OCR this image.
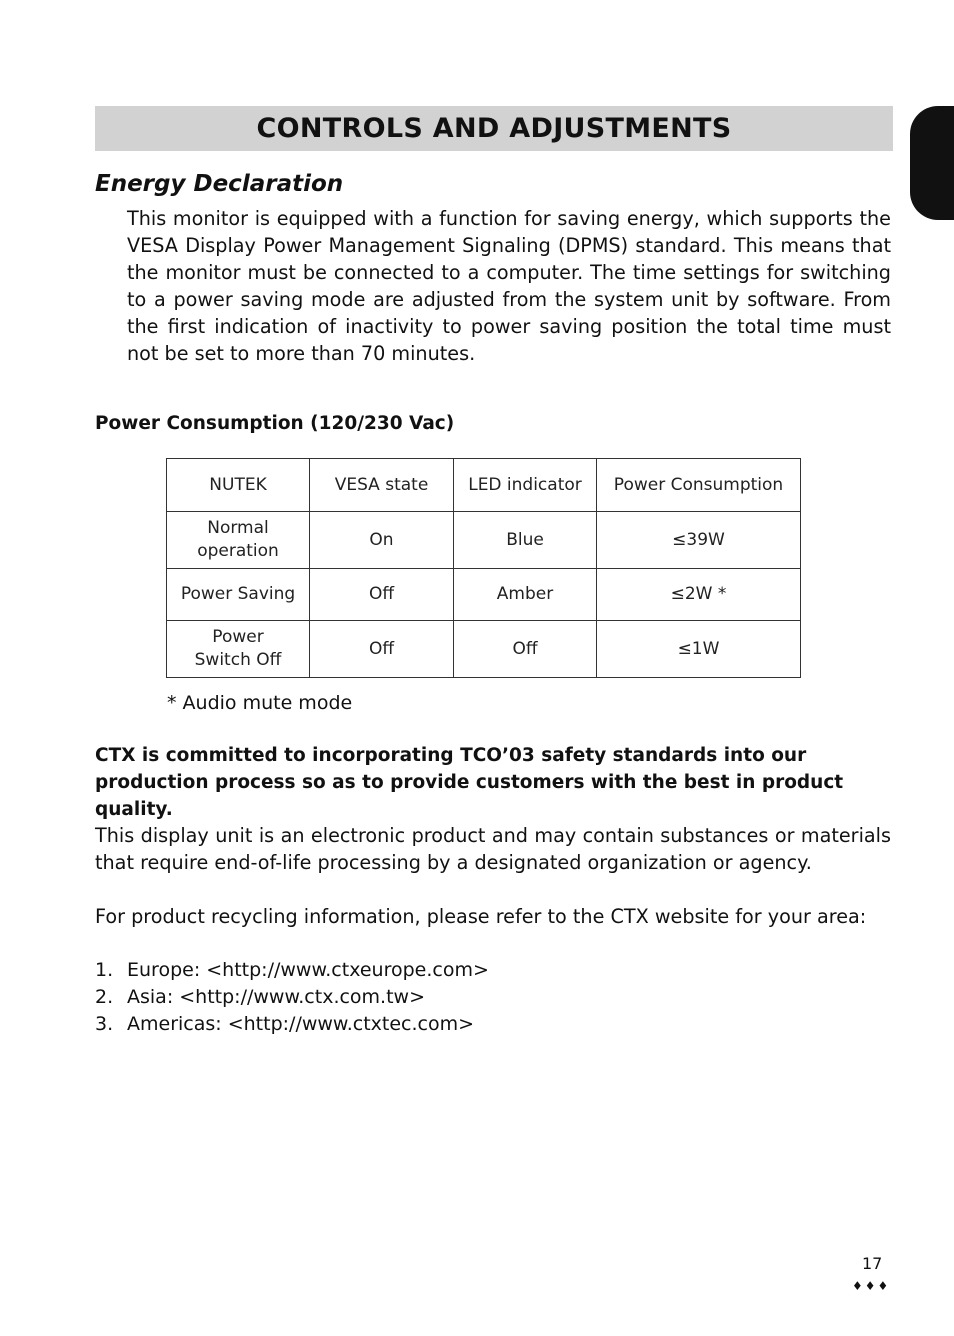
CONTROLS AND ADJUSTMENTS
Energy Declaration

This monitor is equipped with a function for saving energy, which supports the VESA Display Power Management Signaling (DPMS) standard. This means that the monitor must be connected to a computer. The time settings for switching to a power saving mode are adjusted from the system unit by software. From the first indication of inactivity to power saving position the total time must not be set to more than 70 minutes.

Power Consumption (120/230 Vac)
NUTEK	VESA state	LED indicator	Power Consumption
Normal operation	On	Blue	≤39W
Power Saving	Off	Amber	≤2W *
Power Switch Off	Off	Off	≤1W

* Audio mute mode

CTX is committed to incorporating TCO’03 safety standards into our production process so as to provide customers with the best in product quality.

This display unit is an electronic product and may contain substances or materials that require end-of-life processing by a designated organization or agency.

For product recycling information, please refer to the CTX website for your area:

1. Europe: <http://www.ctxeurope.com>
2. Asia: <http://www.ctx.com.tw>
3. Americas: <http://www.ctxtec.com>
17
♦♦♦
